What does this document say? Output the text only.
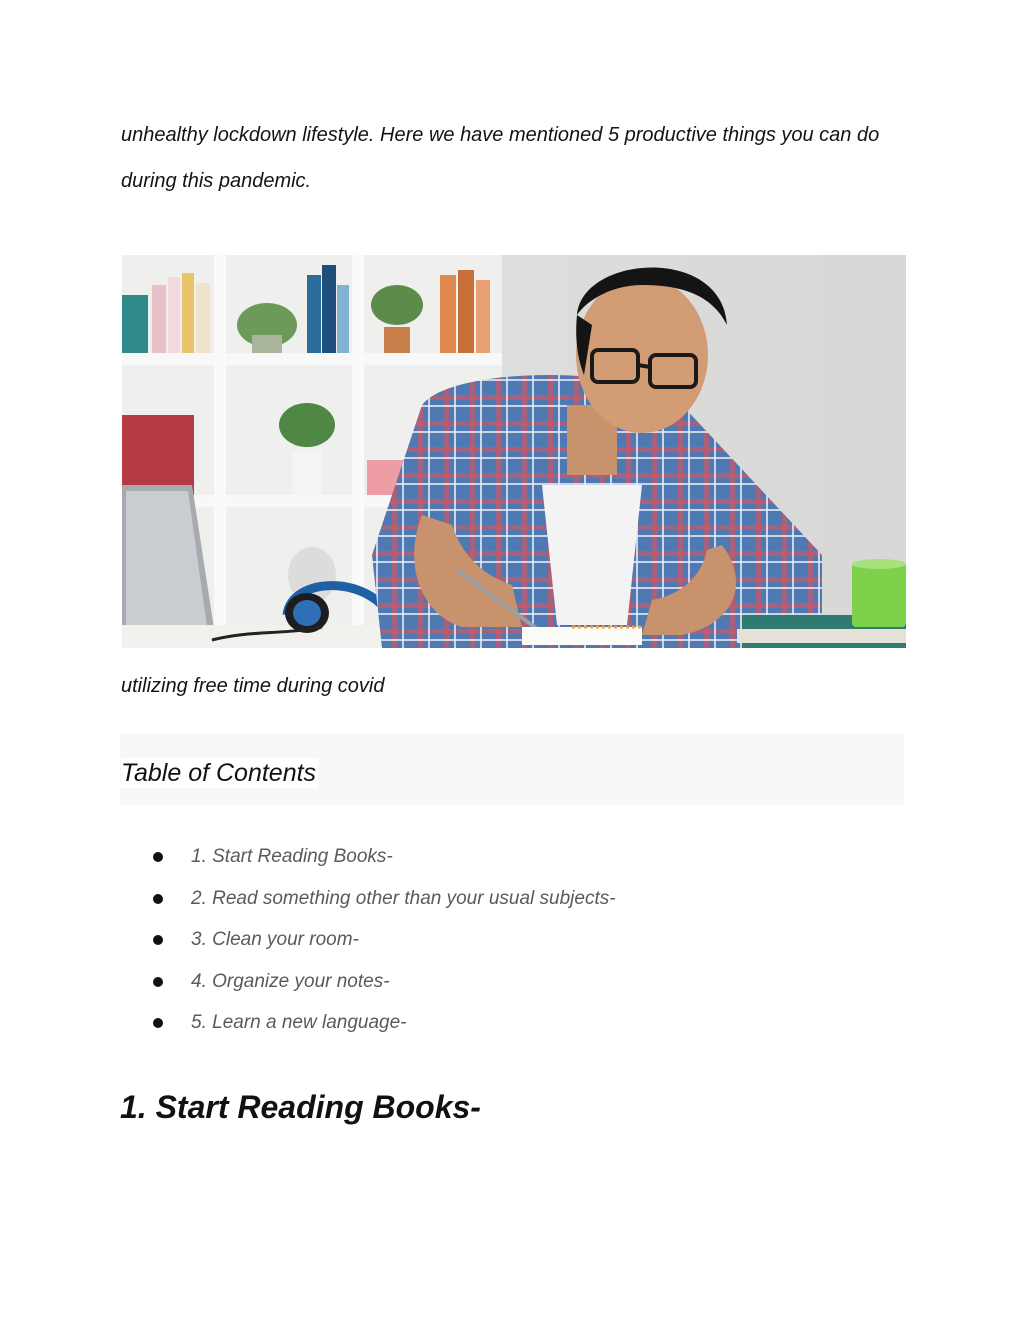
unhealthy lockdown lifestyle. Here we have mentioned 5 productive things you can do
during this pandemic.
utilizing free time during covid
Table of Contents
1. Start Reading Books-
2. Read something other than your usual subjects-
3. Clean your room-
4. Organize your notes-
5. Learn a new language-
1. Start Reading Books-
